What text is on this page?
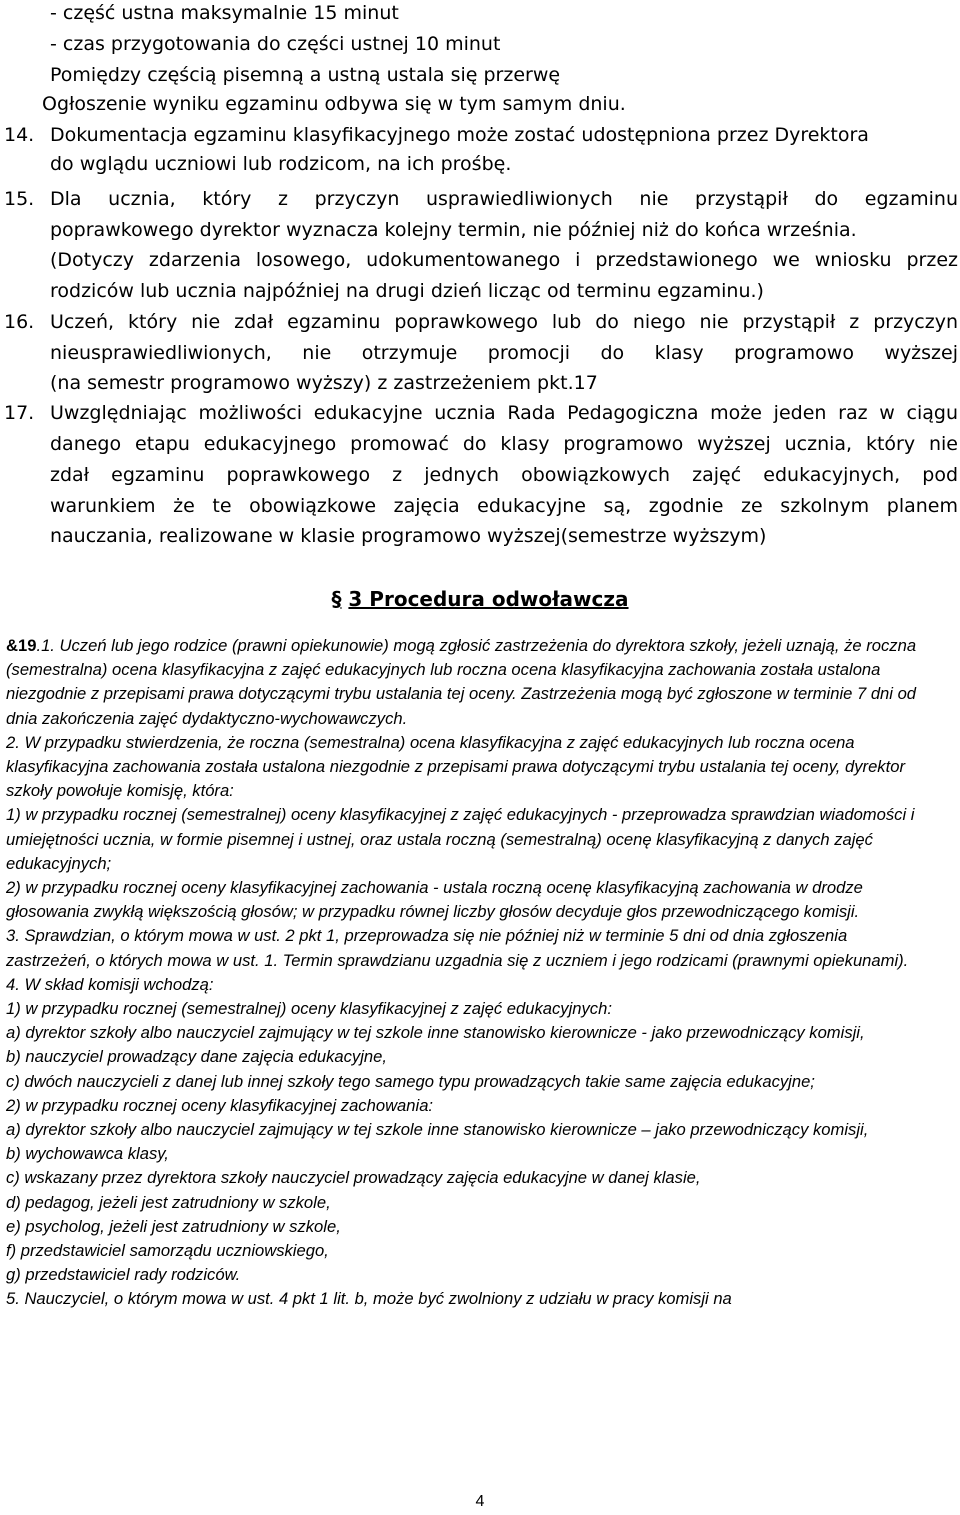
- część ustna maksymalnie 15 minut
- czas przygotowania do części ustnej 10 minut
Pomiędzy częścią pisemną a ustną ustala się przerwę
Ogłoszenie wyniku egzaminu odbywa się w tym samym dniu.
14. Dokumentacja egzaminu klasyfikacyjnego może zostać udostępniona przez Dyrektora
do wglądu uczniowi lub rodzicom, na ich prośbę.
15. Dla ucznia, który z przyczyn usprawiedliwionych nie przystąpił do egzaminu
poprawkowego dyrektor wyznacza kolejny termin, nie później niż do końca września.
(Dotyczy zdarzenia losowego, udokumentowanego i przedstawionego we wniosku przez
rodziców lub ucznia najpóźniej na drugi dzień licząc od terminu egzaminu.)
16. Uczeń, który nie zdał egzaminu poprawkowego lub do niego nie przystąpił z przyczyn
nieusprawiedliwionych, nie otrzymuje promocji do klasy programowo wyższej
(na semestr programowo wyższy) z zastrzeżeniem pkt.17
17. Uwzględniając możliwości edukacyjne ucznia Rada Pedagogiczna może jeden raz w ciągu
danego etapu edukacyjnego promować do klasy programowo wyższej ucznia, który nie
zdał egzaminu poprawkowego z jednych obowiązkowych zajęć edukacyjnych, pod
warunkiem że te obowiązkowe zajęcia edukacyjne są, zgodnie ze szkolnym planem
nauczania, realizowane w klasie programowo wyższej(semestrze wyższym)
§ 3 Procedura odwoławcza

&19.1. Uczeń lub jego rodzice (prawni opiekunowie) mogą zgłosić zastrzeżenia do dyrektora szkoły, jeżeli uznają, że roczna (semestralna) ocena klasyfikacyjna z zajęć edukacyjnych lub roczna ocena klasyfikacyjna zachowania została ustalona niezgodnie z przepisami prawa dotyczącymi trybu ustalania tej oceny. Zastrzeżenia mogą być zgłoszone w terminie 7 dni od dnia zakończenia zajęć dydaktyczno-wychowawczych.

2. W przypadku stwierdzenia, że roczna (semestralna) ocena klasyfikacyjna z zajęć edukacyjnych lub roczna ocena klasyfikacyjna zachowania została ustalona niezgodnie z przepisami prawa dotyczącymi trybu ustalania tej oceny, dyrektor szkoły powołuje komisję, która:

1) w przypadku rocznej (semestralnej) oceny klasyfikacyjnej z zajęć edukacyjnych - przeprowadza sprawdzian wiadomości i umiejętności ucznia, w formie pisemnej i ustnej, oraz ustala roczną (semestralną) ocenę klasyfikacyjną z danych zajęć edukacyjnych;

2) w przypadku rocznej oceny klasyfikacyjnej zachowania - ustala roczną ocenę klasyfikacyjną zachowania w drodze głosowania zwykłą większością głosów; w przypadku równej liczby głosów decyduje głos przewodniczącego komisji.

3. Sprawdzian, o którym mowa w ust. 2 pkt 1, przeprowadza się nie później niż w terminie 5 dni od dnia zgłoszenia zastrzeżeń, o których mowa w ust. 1. Termin sprawdzianu uzgadnia się z uczniem i jego rodzicami (prawnymi opiekunami).

4. W skład komisji wchodzą:

1) w przypadku rocznej (semestralnej) oceny klasyfikacyjnej z zajęć edukacyjnych:

a) dyrektor szkoły albo nauczyciel zajmujący w tej szkole inne stanowisko kierownicze - jako przewodniczący komisji,

b) nauczyciel prowadzący dane zajęcia edukacyjne,

c) dwóch nauczycieli z danej lub innej szkoły tego samego typu prowadzących takie same zajęcia edukacyjne;

2) w przypadku rocznej oceny klasyfikacyjnej zachowania:

a) dyrektor szkoły albo nauczyciel zajmujący w tej szkole inne stanowisko kierownicze – jako przewodniczący komisji,

b) wychowawca klasy,

c) wskazany przez dyrektora szkoły nauczyciel prowadzący zajęcia edukacyjne w danej klasie,

d) pedagog, jeżeli jest zatrudniony w szkole,

e) psycholog, jeżeli jest zatrudniony w szkole,

f) przedstawiciel samorządu uczniowskiego,

g) przedstawiciel rady rodziców.

5. Nauczyciel, o którym mowa w ust. 4 pkt 1 lit. b, może być zwolniony z udziału w pracy komisji na

4
